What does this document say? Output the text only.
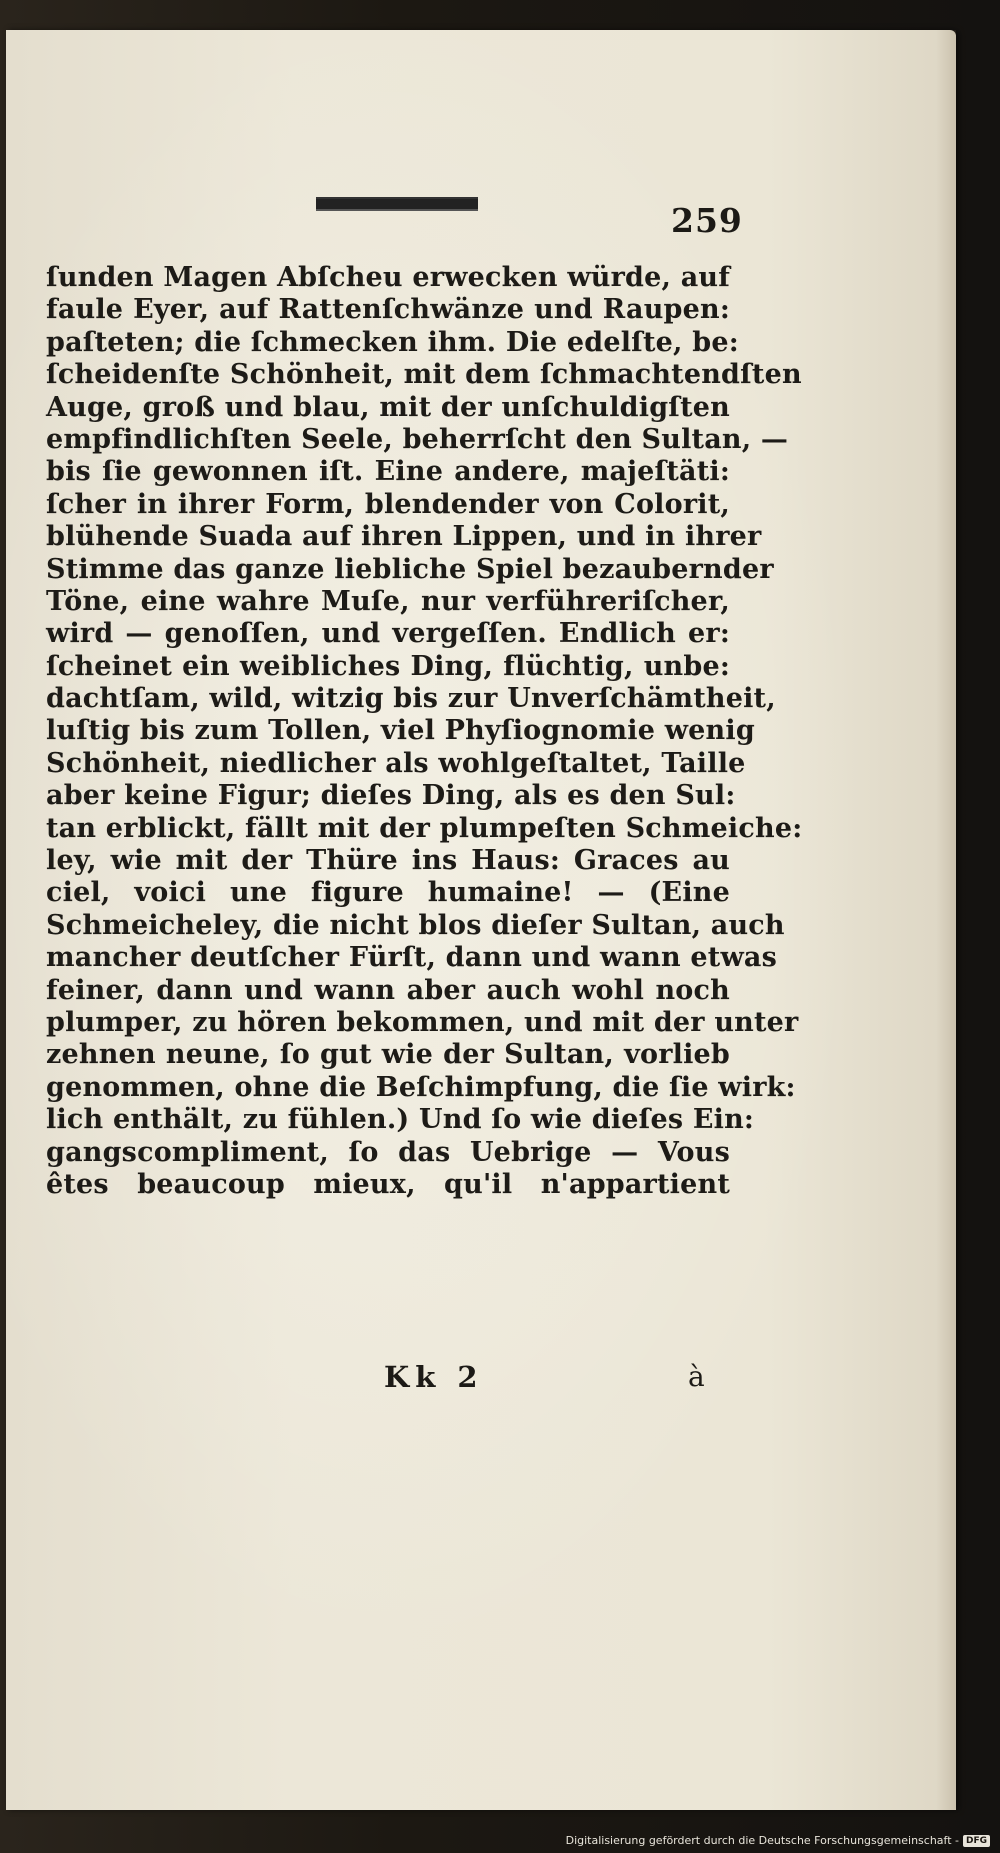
259
ſunden Magen Abſcheu erwecken würde, auf
faule Eyer, auf Rattenſchwänze und Raupen:
paſteten; die ſchmecken ihm. Die edelſte, be:
ſcheidenſte Schönheit, mit dem ſchmachtendſten
Auge, groß und blau, mit der unſchuldigſten
empfindlichſten Seele, beherrſcht den Sultan, —
bis ſie gewonnen iſt. Eine andere, majeſtäti:
ſcher in ihrer Form, blendender von Colorit,
blühende Suada auf ihren Lippen, und in ihrer
Stimme das ganze liebliche Spiel bezaubernder
Töne, eine wahre Muſe, nur verführeriſcher,
wird — genoſſen, und vergeſſen. Endlich er:
ſcheinet ein weibliches Ding, flüchtig, unbe:
dachtſam, wild, witzig bis zur Unverſchämtheit,
luſtig bis zum Tollen, viel Phyſiognomie wenig
Schönheit, niedlicher als wohlgeſtaltet, Taille
aber keine Figur; dieſes Ding, als es den Sul:
tan erblickt, fällt mit der plumpeſten Schmeiche:
ley, wie mit der Thüre ins Haus: Graces au
ciel, voici une figure humaine! — (Eine
Schmeicheley, die nicht blos dieſer Sultan, auch
mancher deutſcher Fürſt, dann und wann etwas
feiner, dann und wann aber auch wohl noch
plumper, zu hören bekommen, und mit der unter
zehnen neune, ſo gut wie der Sultan, vorlieb
genommen, ohne die Beſchimpfung, die ſie wirk:
lich enthält, zu fühlen.) Und ſo wie dieſes Ein:
gangscompliment, ſo das Uebrige — Vous
êtes beaucoup mieux, qu'il n'appartient
Kk 2	à
Digitalisierung gefördert durch die Deutsche Forschungsgemeinschaft - DFG
